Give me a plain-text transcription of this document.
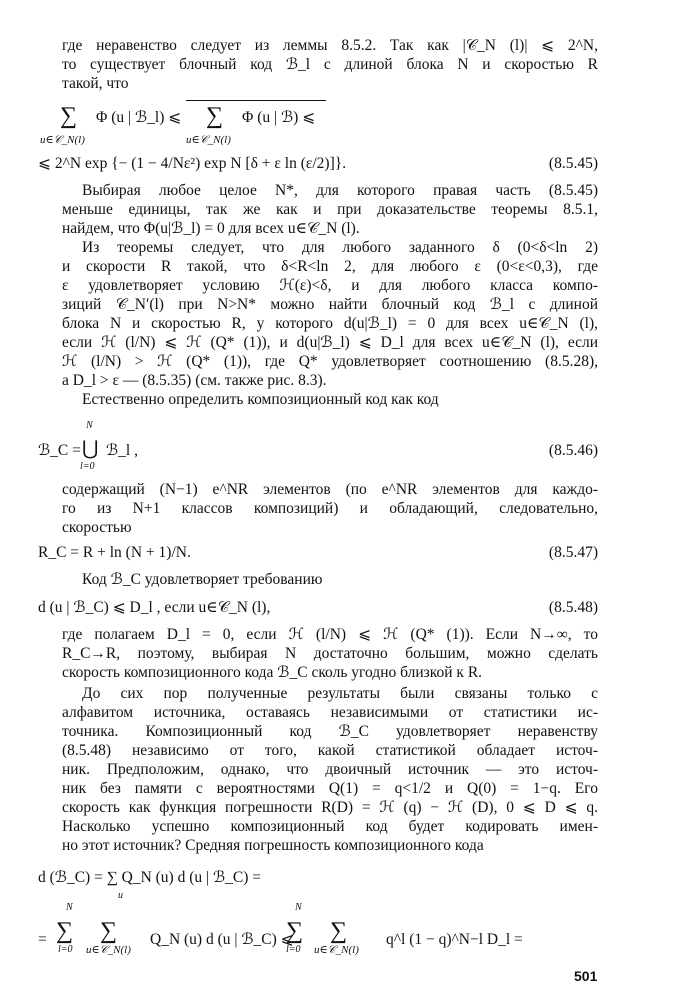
где неравенство следует из леммы 8.5.2. Так как |𝒞_N (l)| ⩽ 2^N,
то существует блочный код ℬ_l с длиной блока N и скоростью R
такой, что
∑ Φ (u | ℬ_l) ⩽
u∈𝒞_N(l)
∑ Φ (u | ℬ) ⩽
u∈𝒞_N(l)
⩽ 2^N exp {− (1 − 4/Nε²) exp N [δ + ε ln (ε/2)]}.	(8.5.45)
Выбирая любое целое N*, для которого правая часть (8.5.45)
меньше единицы, так же как и при доказательстве теоремы 8.5.1,
найдем, что Φ(u|ℬ_l) = 0 для всех u∈𝒞_N (l).
Из теоремы следует, что для любого заданного δ (0<δ<ln 2)
и скорости R такой, что δ<R<ln 2, для любого ε (0<ε<0,3), где
ε удовлетворяет условию ℋ(ε)<δ, и для любого класса компо-
зиций 𝒞_N′(l) при N>N* можно найти блочный код ℬ_l с длиной
блока N и скоростью R, у которого d(u|ℬ_l) = 0 для всех u∈𝒞_N (l),
если ℋ (l/N) ⩽ ℋ (Q* (1)), и d(u|ℬ_l) ⩽ D_l для всех u∈𝒞_N (l), если
ℋ (l/N) > ℋ (Q* (1)), где Q* удовлетворяет соотношению (8.5.28),
а D_l > ε — (8.5.35) (см. также рис. 8.3).
Естественно определить композиционный код как код
ℬ_C =
N
⋃
l=0
ℬ_l ,	(8.5.46)
содержащий (N−1) e^NR элементов (по e^NR элементов для каждо-
го из N+1 классов композиций) и обладающий, следовательно,
скоростью
R_C = R + ln (N + 1)/N.	(8.5.47)
Код ℬ_C удовлетворяет требованию
d (u | ℬ_C) ⩽ D_l , если u∈𝒞_N (l),	(8.5.48)
где полагаем D_l = 0, если ℋ (l/N) ⩽ ℋ (Q* (1)). Если N→∞, то
R_C→R, поэтому, выбирая N достаточно большим, можно сделать
скорость композиционного кода ℬ_C сколь угодно близкой к R.
До сих пор полученные результаты были связаны только с
алфавитом источника, оставаясь независимыми от статистики ис-
точника. Композиционный код ℬ_C удовлетворяет неравенству
(8.5.48) независимо от того, какой статистикой обладает источ-
ник. Предположим, однако, что двоичный источник — это источ-
ник без памяти с вероятностями Q(1) = q<1/2 и Q(0) = 1−q. Его
скорость как функция погрешности R(D) = ℋ (q) − ℋ (D), 0 ⩽ D ⩽ q.
Насколько успешно композиционный код будет кодировать имен-
но этот источник? Средняя погрешность композиционного кода
d (ℬ_C) = ∑ Q_N (u) d (u | ℬ_C) =
u
=
N
∑
l=0
∑
u∈𝒞_N(l)
Q_N (u) d (u | ℬ_C) ⩽
N
∑
l=0
∑
u∈𝒞_N(l)
q^l (1 − q)^N−l D_l =
501
